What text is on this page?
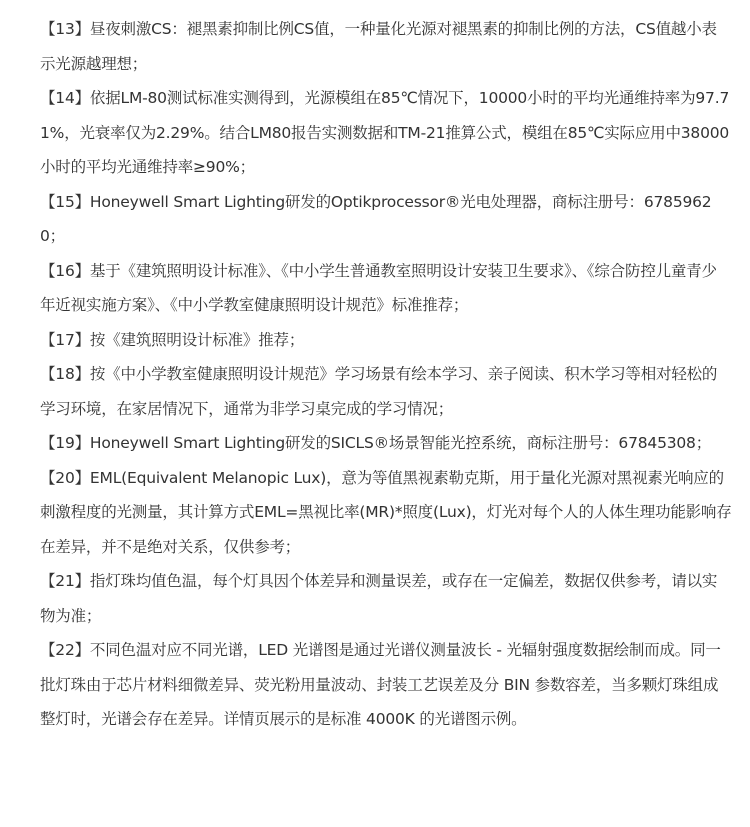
【13】昼夜刺激CS：褪黑素抑制比例CS值，一种量化光源对褪黑素的抑制比例的方法，CS值越小表示光源越理想；

【14】依据LM-80测试标准实测得到，光源模组在85℃情况下，10000小时的平均光通维持率为97.71%，光衰率仅为2.29%。结合LM80报告实测数据和TM-21推算公式，模组在85℃实际应用中38000小时的平均光通维持率≥90%；

【15】Honeywell Smart Lighting研发的Optikprocessor®光电处理器，商标注册号：67859620；

【16】基于《建筑照明设计标准》、《中小学生普通教室照明设计安装卫生要求》、《综合防控儿童青少年近视实施方案》、《中小学教室健康照明设计规范》标准推荐；

【17】按《建筑照明设计标准》推荐；

【18】按《中小学教室健康照明设计规范》学习场景有绘本学习、亲子阅读、积木学习等相对轻松的学习环境，在家居情况下，通常为非学习桌完成的学习情况；

【19】Honeywell Smart Lighting研发的SICLS®场景智能光控系统，商标注册号：67845308；

【20】EML(Equivalent Melanopic Lux)，意为等值黑视素勒克斯，用于量化光源对黑视素光响应的刺激程度的光测量，其计算方式EML=黑视比率(MR)*照度(Lux)，灯光对每个人的人体生理功能影响存在差异，并不是绝对关系，仅供参考；

【21】指灯珠均值色温，每个灯具因个体差异和测量误差，或存在一定偏差，数据仅供参考，请以实物为准；

【22】不同色温对应不同光谱，LED 光谱图是通过光谱仪测量波长 - 光辐射强度数据绘制而成。同一批灯珠由于芯片材料细微差异、荧光粉用量波动、封装工艺误差及分 BIN 参数容差，当多颗灯珠组成整灯时，光谱会存在差异。详情页展示的是标准 4000K 的光谱图示例。
